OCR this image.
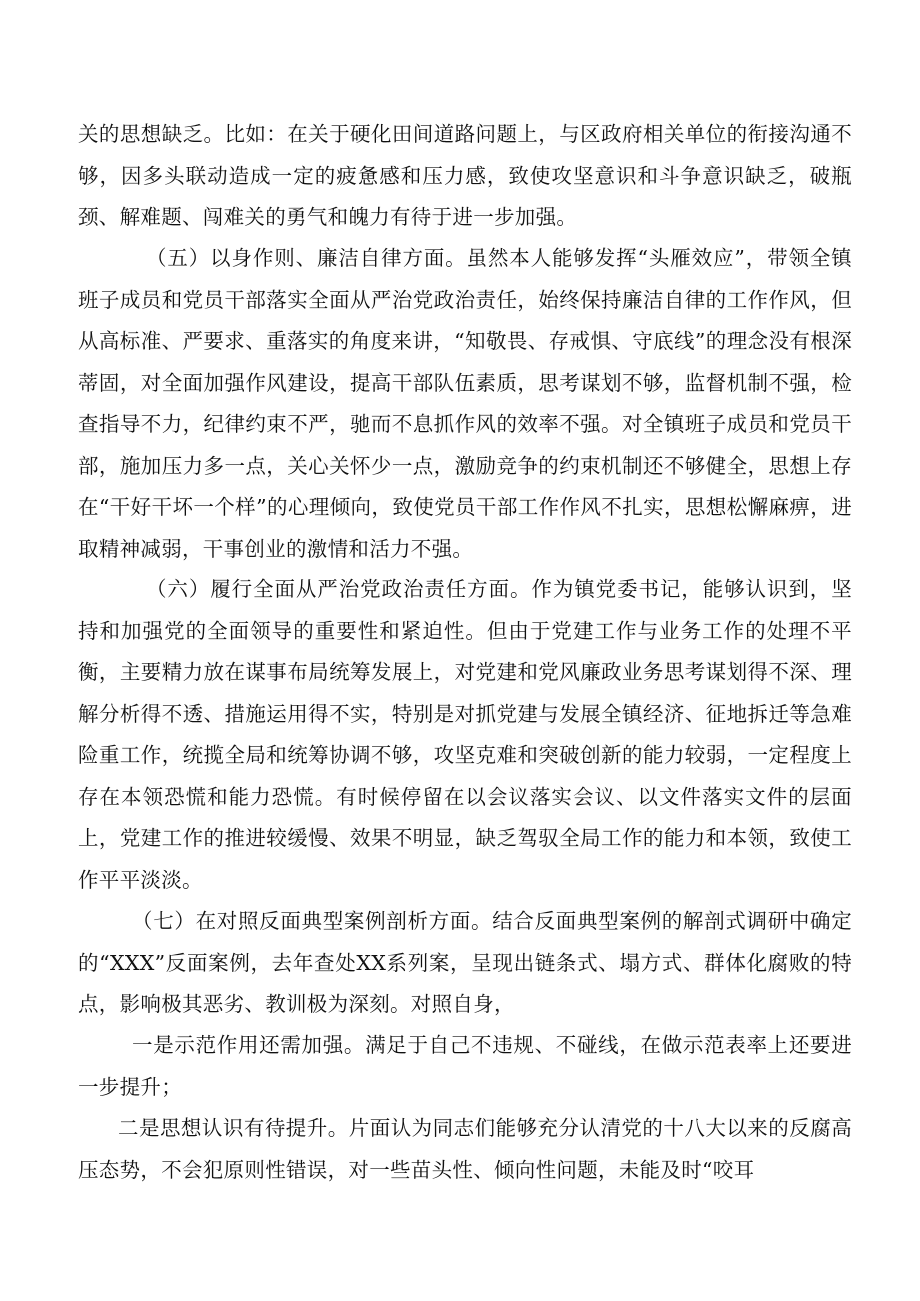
关的思想缺乏。比如：在关于硬化田间道路问题上，与区政府相关单位的衔接沟通不够，因多头联动造成一定的疲惫感和压力感，致使攻坚意识和斗争意识缺乏，破瓶颈、解难题、闯难关的勇气和魄力有待于进一步加强。

（五）以身作则、廉洁自律方面。虽然本人能够发挥“头雁效应”，带领全镇班子成员和党员干部落实全面从严治党政治责任，始终保持廉洁自律的工作作风，但从高标准、严要求、重落实的角度来讲，“知敬畏、存戒惧、守底线”的理念没有根深蒂固，对全面加强作风建设，提高干部队伍素质，思考谋划不够，监督机制不强，检查指导不力，纪律约束不严，驰而不息抓作风的效率不强。对全镇班子成员和党员干部，施加压力多一点，关心关怀少一点，激励竞争的约束机制还不够健全，思想上存在“干好干坏一个样”的心理倾向，致使党员干部工作作风不扎实，思想松懈麻痹，进取精神减弱，干事创业的激情和活力不强。

（六）履行全面从严治党政治责任方面。作为镇党委书记，能够认识到，坚持和加强党的全面领导的重要性和紧迫性。但由于党建工作与业务工作的处理不平衡，主要精力放在谋事布局统筹发展上，对党建和党风廉政业务思考谋划得不深、理解分析得不透、措施运用得不实，特别是对抓党建与发展全镇经济、征地拆迁等急难险重工作，统揽全局和统筹协调不够，攻坚克难和突破创新的能力较弱，一定程度上存在本领恐慌和能力恐慌。有时候停留在以会议落实会议、以文件落实文件的层面上，党建工作的推进较缓慢、效果不明显，缺乏驾驭全局工作的能力和本领，致使工作平平淡淡。

（七）在对照反面典型案例剖析方面。结合反面典型案例的解剖式调研中确定的“XXX”反面案例，去年查处XX系列案，呈现出链条式、塌方式、群体化腐败的特点，影响极其恶劣、教训极为深刻。对照自身，

一是示范作用还需加强。满足于自己不违规、不碰线，在做示范表率上还要进一步提升；

二是思想认识有待提升。片面认为同志们能够充分认清党的十八大以来的反腐高压态势，不会犯原则性错误，对一些苗头性、倾向性问题，未能及时“咬耳
